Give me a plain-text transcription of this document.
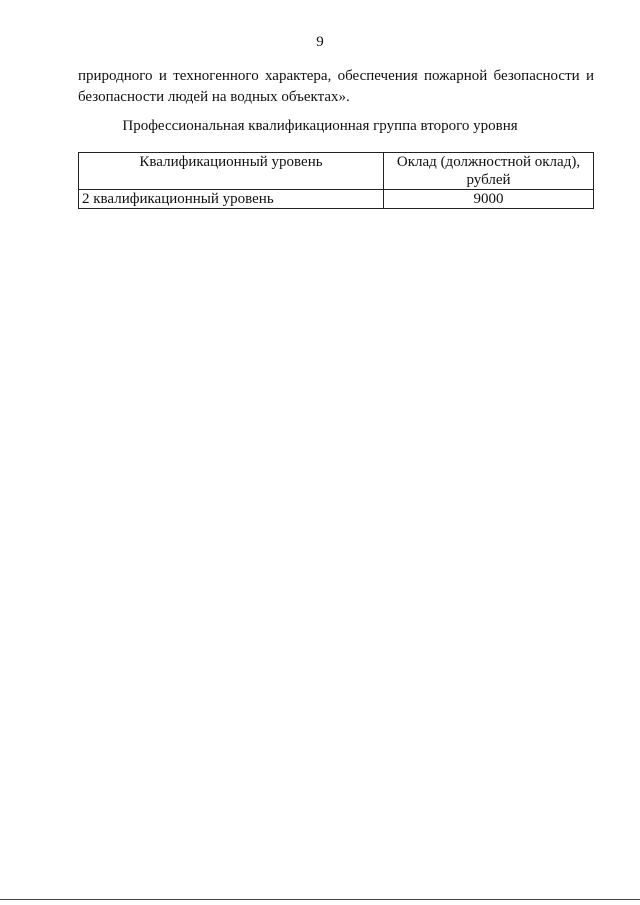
9

природного и техногенного характера, обеспечения пожарной безопасности и
безопасности людей на водных объектах».

Профессиональная квалификационная группа второго уровня
Квалификационный уровень	Оклад (должностной оклад),
рублей
2 квалификационный уровень	9000
